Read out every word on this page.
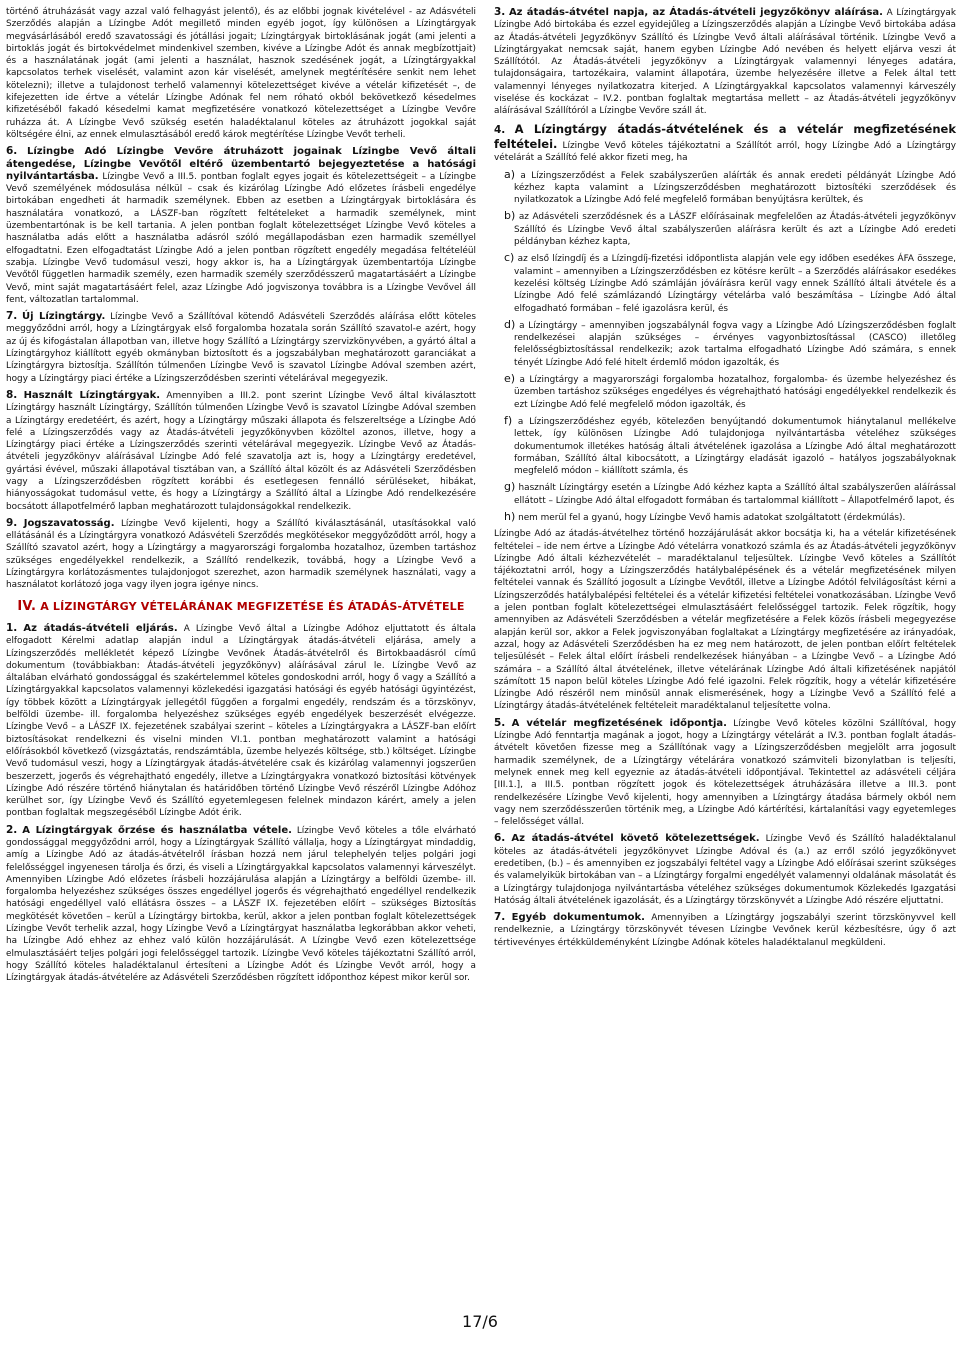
történő átruházását vagy azzal való felhagyást jelentő), és az előbbi jognak kivételével - az Adásvételi Szerződés alapján a Lízingbe Adót megillető minden egyéb jogot, így különösen a Lízingtárgyak megvásárlásából eredő szavatossági és jótállási jogait; Lízingtárgyak birtoklásának jogát (ami jelenti a birtoklás jogát és birtokvédelmet mindenkivel szemben, kivéve a Lízingbe Adót és annak megbízottjait) és a használatának jogát (ami jelenti a használat, hasznok szedésének jogát, a Lízingtárgyakkal kapcsolatos terhek viselését, valamint azon kár viselését, amelynek megtérítésére senkit nem lehet kötelezni); illetve a tulajdonost terhelő valamennyi kötelezettséget kivéve a vételár kifizetését –, de kifejezetten ide értve a vételár Lízingbe Adónak fel nem róható okból bekövetkező késedelmes kifizetéséből fakadó késedelmi kamat megfizetésére vonatkozó kötelezettséget a Lízingbe Vevőre ruházza át. A Lízingbe Vevő szükség esetén haladéktalanul köteles az átruházott jogokkal saját költségére élni, az ennek elmulasztásából eredő károk megtérítése Lízingbe Vevőt terheli.

6. Lízingbe Adó Lízingbe Vevőre átruházott jogainak Lízingbe Vevő általi átengedése, Lízingbe Vevőtől eltérő üzembentartó bejegyeztetése a hatósági nyilvántartásba. Lízingbe Vevő a III.5. pontban foglalt egyes jogait és kötelezettségeit – a Lízingbe Vevő személyének módosulása nélkül – csak és kizárólag Lízingbe Adó előzetes írásbeli engedélye birtokában engedheti át harmadik személynek. Ebben az esetben a Lízingtárgyak birtoklására és használatára vonatkozó, a LÁSZF-ban rögzített feltételeket a harmadik személynek, mint üzembentartónak is be kell tartania. A jelen pontban foglalt kötelezettséget Lízingbe Vevő köteles a használatba adás előtt a használatba adásról szóló megállapodásban ezen harmadik személlyel elfogadtatni. Ezen elfogadtatást Lízingbe Adó a jelen pontban rögzített engedély megadása feltételéül szabja. Lízingbe Vevő tudomásul veszi, hogy akkor is, ha a Lízingtárgyak üzembentartója Lízingbe Vevőtől független harmadik személy, ezen harmadik személy szerződésszerű magatartásáért a Lízingbe Vevő, mint saját magatartásáért felel, azaz Lízingbe Adó jogviszonya továbbra is a Lízingbe Vevővel áll fent, változatlan tartalommal.

7. Új Lízingtárgy. Lízingbe Vevő a Szállítóval kötendő Adásvételi Szerződés aláírása előtt köteles meggyőződni arról, hogy a Lízingtárgyak első forgalomba hozatala során Szállító szavatol-e azért, hogy az új és kifogástalan állapotban van, illetve hogy Szállító a Lízingtárgy szervizkönyvében, a gyártó által a Lízingtárgyhoz kiállított egyéb okmányban biztosított és a jogszabályban meghatározott garanciákat a Lízingtárgyra biztosítja. Szállítón túlmenően Lízingbe Vevő is szavatol Lízingbe Adóval szemben azért, hogy a Lízingtárgy piaci értéke a Lízingszerződésben szerinti vételárával megegyezik.

8. Használt Lízingtárgyak. Amennyiben a III.2. pont szerint Lízingbe Vevő által kiválasztott Lízingtárgy használt Lízingtárgy, Szállítón túlmenően Lízingbe Vevő is szavatol Lízingbe Adóval szemben a Lízingtárgy eredetéért, és azért, hogy a Lízingtárgy műszaki állapota és felszereltsége a Lízingbe Adó felé a Lízingszerződés vagy az Átadás-átvételi jegyzőkönyvben közöltel azonos, illetve, hogy a Lízingtárgy piaci értéke a Lízingszerződés szerinti vételárával megegyezik. Lízingbe Vevő az Átadás-átvételi jegyzőkönyv aláírásával Lízingbe Adó felé szavatolja azt is, hogy a Lízingtárgy eredetével, gyártási évével, műszaki állapotával tisztában van, a Szállító által közölt és az Adásvételi Szerződésben vagy a Lízingszerződésben rögzített korábbi és esetlegesen fennálló sérüléseket, hibákat, hiányosságokat tudomásul vette, és hogy a Lízingtárgy a Szállító által a Lízingbe Adó rendelkezésére bocsátott állapotfelmérő lapban meghatározott tulajdonságokkal rendelkezik.

9. Jogszavatosság. Lízingbe Vevő kijelenti, hogy a Szállító kiválasztásánál, utasításokkal való ellátásánál és a Lízingtárgyra vonatkozó Adásvételi Szerződés megkötésekor meggyőződött arról, hogy a Szállító szavatol azért, hogy a Lízingtárgy a magyarországi forgalomba hozatalhoz, üzemben tartáshoz szükséges engedélyekkel rendelkezik, a Szállító rendelkezik, továbbá, hogy a Lízingbe Vevő a Lízingtárgyra korlátozásmentes tulajdonjogot szerezhet, azon harmadik személynek használati, vagy a használatot korlátozó joga vagy ilyen jogra igénye nincs.

IV. A LÍZINGTÁRGY VÉTELÁRÁNAK MEGFIZETÉSE ÉS ÁTADÁS-ÁTVÉTELE

1. Az átadás-átvételi eljárás. A Lízingbe Vevő által a Lízingbe Adóhoz eljuttatott és általa elfogadott Kérelmi adatlap alapján indul a Lízingtárgyak átadás-átvételi eljárása, amely a Lízingszerződés mellékletét képező Lízingbe Vevőnek Átadás-átvételről és Birtokbaadásról című dokumentum (továbbiakban: Átadás-átvételi jegyzőkönyv) aláírásával zárul le. Lízingbe Vevő az általában elvárható gondossággal és szakértelemmel köteles gondoskodni arról, hogy ő vagy a Szállító a Lízingtárgyakkal kapcsolatos valamennyi közlekedési igazgatási hatósági és egyéb hatósági ügyintézést, így többek között a Lízingtárgyak jellegétől függően a forgalmi engedély, rendszám és a törzskönyv, belföldi üzembe- ill. forgalomba helyezéshez szükséges egyéb engedélyek beszerzését elvégezze. Lízingbe Vevő – a LÁSZF IX. fejezetének szabályai szerint – köteles a Lízingtárgyakra a LÁSZF-ban előírt biztosításokat rendelkezni és viselni minden VI.1. pontban meghatározott valamint a hatósági előírásokból következő (vizsgáztatás, rendszámtábla, üzembe helyezés költsége, stb.) költséget. Lízingbe Vevő tudomásul veszi, hogy a Lízingtárgyak átadás-átvételére csak és kizárólag valamennyi jogszerűen beszerzett, jogerős és végrehajtható engedély, illetve a Lízingtárgyakra vonatkozó biztosítási kötvények Lízingbe Adó részére történő hiánytalan és határidőben történő Lízingbe Vevő részéről Lízingbe Adóhoz kerülhet sor, így Lízingbe Vevő és Szállító egyetemlegesen felelnek mindazon kárért, amely a jelen pontban foglaltak megszegéséből Lízingbe Adót érik.

2. A Lízingtárgyak őrzése és használatba vétele. Lízingbe Vevő köteles a tőle elvárható gondossággal meggyőződni arról, hogy a Lízingtárgyak Szállító vállalja, hogy a Lízingtárgyat mindaddig, amíg a Lízingbe Adó az átadás-átvételről írásban hozzá nem járul telephelyén teljes polgári jogi felelősséggel ingyenesen tárolja és őrzi, és viseli a Lízingtárgyakkal kapcsolatos valamennyi kárveszélyt. Amennyiben Lízingbe Adó előzetes írásbeli hozzájárulása alapján a Lízingtárgy a belföldi üzembe- ill. forgalomba helyezéshez szükséges összes engedéllyel jogerős és végrehajtható engedéllyel rendelkezik hatósági engedéllyel való ellátásra összes – a LÁSZF IX. fejezetében előírt – szükséges Biztosítás megkötését követően – kerül a Lízingtárgy birtokba, kerül, akkor a jelen pontban foglalt kötelezettségek Lízingbe Vevőt terhelik azzal, hogy Lízingbe Vevő a Lízingtárgyat használatba legkorábban akkor veheti, ha Lízingbe Adó ehhez az ehhez való külön hozzájárulását. A Lízingbe Vevő ezen kötelezettsége elmulasztásáért teljes polgári jogi felelősséggel tartozik. Lízingbe Vevő köteles tájékoztatni Szállító arról, hogy Szállító köteles haladéktalanul értesíteni a Lízingbe Adót és Lízingbe Vevőt arról, hogy a Lízingtárgyak átadás-átvételére az Adásvételi Szerződésben rögzített időponthoz képest mikor kerül sor.

3. Az átadás-átvétel napja, az Átadás-átvételi jegyzőkönyv aláírása. A Lízingtárgyak Lízingbe Adó birtokába és ezzel egyidejűleg a Lízingszerződés alapján a Lízingbe Vevő birtokába adása az Átadás-átvételi Jegyzőkönyv Szállító és Lízingbe Vevő általi aláírásával történik. Lízingbe Vevő a Lízingtárgyakat nemcsak saját, hanem egyben Lízingbe Adó nevében és helyett eljárva veszi át Szállítótól. Az Átadás-átvételi jegyzőkönyv a Lízingtárgyak valamennyi lényeges adatára, tulajdonságaira, tartozékaira, valamint állapotára, üzembe helyezésére illetve a Felek által tett valamennyi lényeges nyilatkozatra kiterjed. A Lízingtárgyakkal kapcsolatos valamennyi kárveszély viselése és kockázat – IV.2. pontban foglaltak megtartása mellett – az Átadás-átvételi jegyzőkönyv aláírásával Szállítóról a Lízingbe Vevőre száll át.

4. A Lízingtárgy átadás-átvételének és a vételár megfizetésének feltételei. Lízingbe Vevő köteles tájékoztatni a Szállítót arról, hogy Lízingbe Adó a Lízingtárgy vételárát a Szállító felé akkor fizeti meg, ha

a) a Lízingszerződést a Felek szabályszerűen aláírták és annak eredeti példányát Lízingbe Adó kézhez kapta valamint a Lízingszerződésben meghatározott biztosítéki szerződések és nyilatkozatok a Lízingbe Adó felé megfelelő formában benyújtásra kerültek, és

b) az Adásvételi szerződésnek és a LÁSZF előírásainak megfelelően az Átadás-átvételi jegyzőkönyv Szállító és Lízingbe Vevő által szabályszerűen aláírásra került és azt a Lízingbe Adó eredeti példányban kézhez kapta,

c) az első lízingdíj és a Lízingdíj-fizetési időpontlista alapján vele egy időben esedékes ÁFA összege, valamint – amennyiben a Lízingszerződésben ez kötésre került – a Szerződés aláírásakor esedékes kezelési költség Lízingbe Adó számláján jóváírásra kerül vagy ennek Szállító általi átvétele és a Lízingbe Adó felé számlázandó Lízingtárgy vételárba való beszámítása – Lízingbe Adó által elfogadható formában – felé igazolásra kerül, és

d) a Lízingtárgy – amennyiben jogszabálynál fogva vagy a Lízingbe Adó Lízingszerződésben foglalt rendelkezései alapján szükséges – érvényes vagyonbiztosítással (CASCO) illetőleg felelősségbiztosítással rendelkezik; azok tartalma elfogadható Lízingbe Adó számára, s ennek tényét Lízingbe Adó felé hitelt érdemlő módon igazolták, és

e) a Lízingtárgy a magyarországi forgalomba hozatalhoz, forgalomba- és üzembe helyezéshez és üzemben tartáshoz szükséges engedélyes és végrehajtható hatósági engedélyekkel rendelkezik és ezt Lízingbe Adó felé megfelelő módon igazolták, és

f) a Lízingszerződéshez egyéb, kötelezően benyújtandó dokumentumok hiánytalanul mellékelve lettek, így különösen Lízingbe Adó tulajdonjoga nyilvántartásba vételéhez szükséges dokumentumok illetékes hatóság általi átvételének igazolása a Lízingbe Adó által meghatározott formában, Szállító által kibocsátott, a Lízingtárgy eladását igazoló – hatályos jogszabályoknak megfelelő módon – kiállított számla, és

g) használt Lízingtárgy esetén a Lízingbe Adó kézhez kapta a Szállító által szabályszerűen aláírással ellátott – Lízingbe Adó által elfogadott formában és tartalommal kiállított – Állapotfelmérő lapot, és

h) nem merül fel a gyanú, hogy Lízingbe Vevő hamis adatokat szolgáltatott (érdekmúlás).

Lízingbe Adó az átadás-átvételhez történő hozzájárulását akkor bocsátja ki, ha a vételár kifizetésének feltételei – ide nem értve a Lízingbe Adó vételárra vonatkozó számla és az Átadás-átvételi jegyzőkönyv Lízingbe Adó általi kézhezvételét – maradéktalanul teljesültek. Lízingbe Vevő köteles a Szállítót tájékoztatni arról, hogy a Lízingszerződés hatálybalépésének és a vételár megfizetésének milyen feltételei vannak és Szállító jogosult a Lízingbe Vevőtől, illetve a Lízingbe Adótól felvilágosítást kérni a Lízingszerződés hatálybalépési feltételei és a vételár kifizetési feltételei vonatkozásában. Lízingbe Vevő a jelen pontban foglalt kötelezettségei elmulasztásáért felelősséggel tartozik. Felek rögzítik, hogy amennyiben az Adásvételi Szerződésben a vételár megfizetésére a Felek közös írásbeli megegyezése alapján kerül sor, akkor a Felek jogviszonyában foglaltakat a Lízingtárgy megfizetésére az irányadóak, azzal, hogy az Adásvételi Szerződésben ha ez meg nem határozott, de jelen pontban előírt feltételek teljesülését – Felek által előírt írásbeli rendelkezések hiányában – a Lízingbe Vevő – a Lízingbe Adó számára – a Szállító által átvételének, illetve vételárának Lízingbe Adó általi kifizetésének napjától számított 15 napon belül köteles Lízingbe Adó felé igazolni. Felek rögzítik, hogy a vételár kifizetésére Lízingbe Adó részéről nem minősül annak elismerésének, hogy a Lízingbe Vevő a Szállító felé a Lízingtárgy átadás-átvételének feltételeit maradéktalanul teljesítette volna.

5. A vételár megfizetésének időpontja. Lízingbe Vevő köteles közölni Szállítóval, hogy Lízingbe Adó fenntartja magának a jogot, hogy a Lízingtárgy vételárát a IV.3. pontban foglalt átadás-átvételt követően fizesse meg a Szállítónak vagy a Lízingszerződésben megjelölt arra jogosult harmadik személynek, de a Lízingtárgy vételárára vonatkozó számviteli bizonylatban is teljesíti, melynek ennek meg kell egyeznie az átadás-átvételi időpontjával. Tekintettel az adásvételi céljára [III.1.], a III.5. pontban rögzített jogok és kötelezettségek átruházására illetve a III.3. pont rendelkezésére Lízingbe Vevő kijelenti, hogy amennyiben a Lízingtárgy átadása bármely okból nem vagy nem szerződésszerűen történik meg, a Lízingbe Adó kártérítési, kártalanítási vagy egyetemleges – felelősséget vállal.

6. Az átadás-átvétel követő kötelezettségek. Lízingbe Vevő és Szállító haladéktalanul köteles az átadás-átvételi jegyzőkönyvet Lízingbe Adóval és (a.) az erről szóló jegyzőkönyvet eredetiben, (b.) – és amennyiben ez jogszabályi feltétel vagy a Lízingbe Adó előírásai szerint szükséges és valamelyikük birtokában van – a Lízingtárgy forgalmi engedélyét valamennyi oldalának másolatát és a Lízingtárgy tulajdonjoga nyilvántartásba vételéhez szükséges dokumentumok Közlekedés Igazgatási Hatóság általi átvételének igazolását, és a Lízingtárgy törzskönyvét a Lízingbe Adó részére eljuttatni.

7. Egyéb dokumentumok. Amennyiben a Lízingtárgy jogszabályi szerint törzskönyvvel kell rendelkeznie, a Lízingtárgy törzskönyvét tévesen Lízingbe Vevőnek kerül kézbesítésre, úgy ő azt tértivevényes értékküldeményként Lízingbe Adónak köteles haladéktalanul megküldeni.

17/6
